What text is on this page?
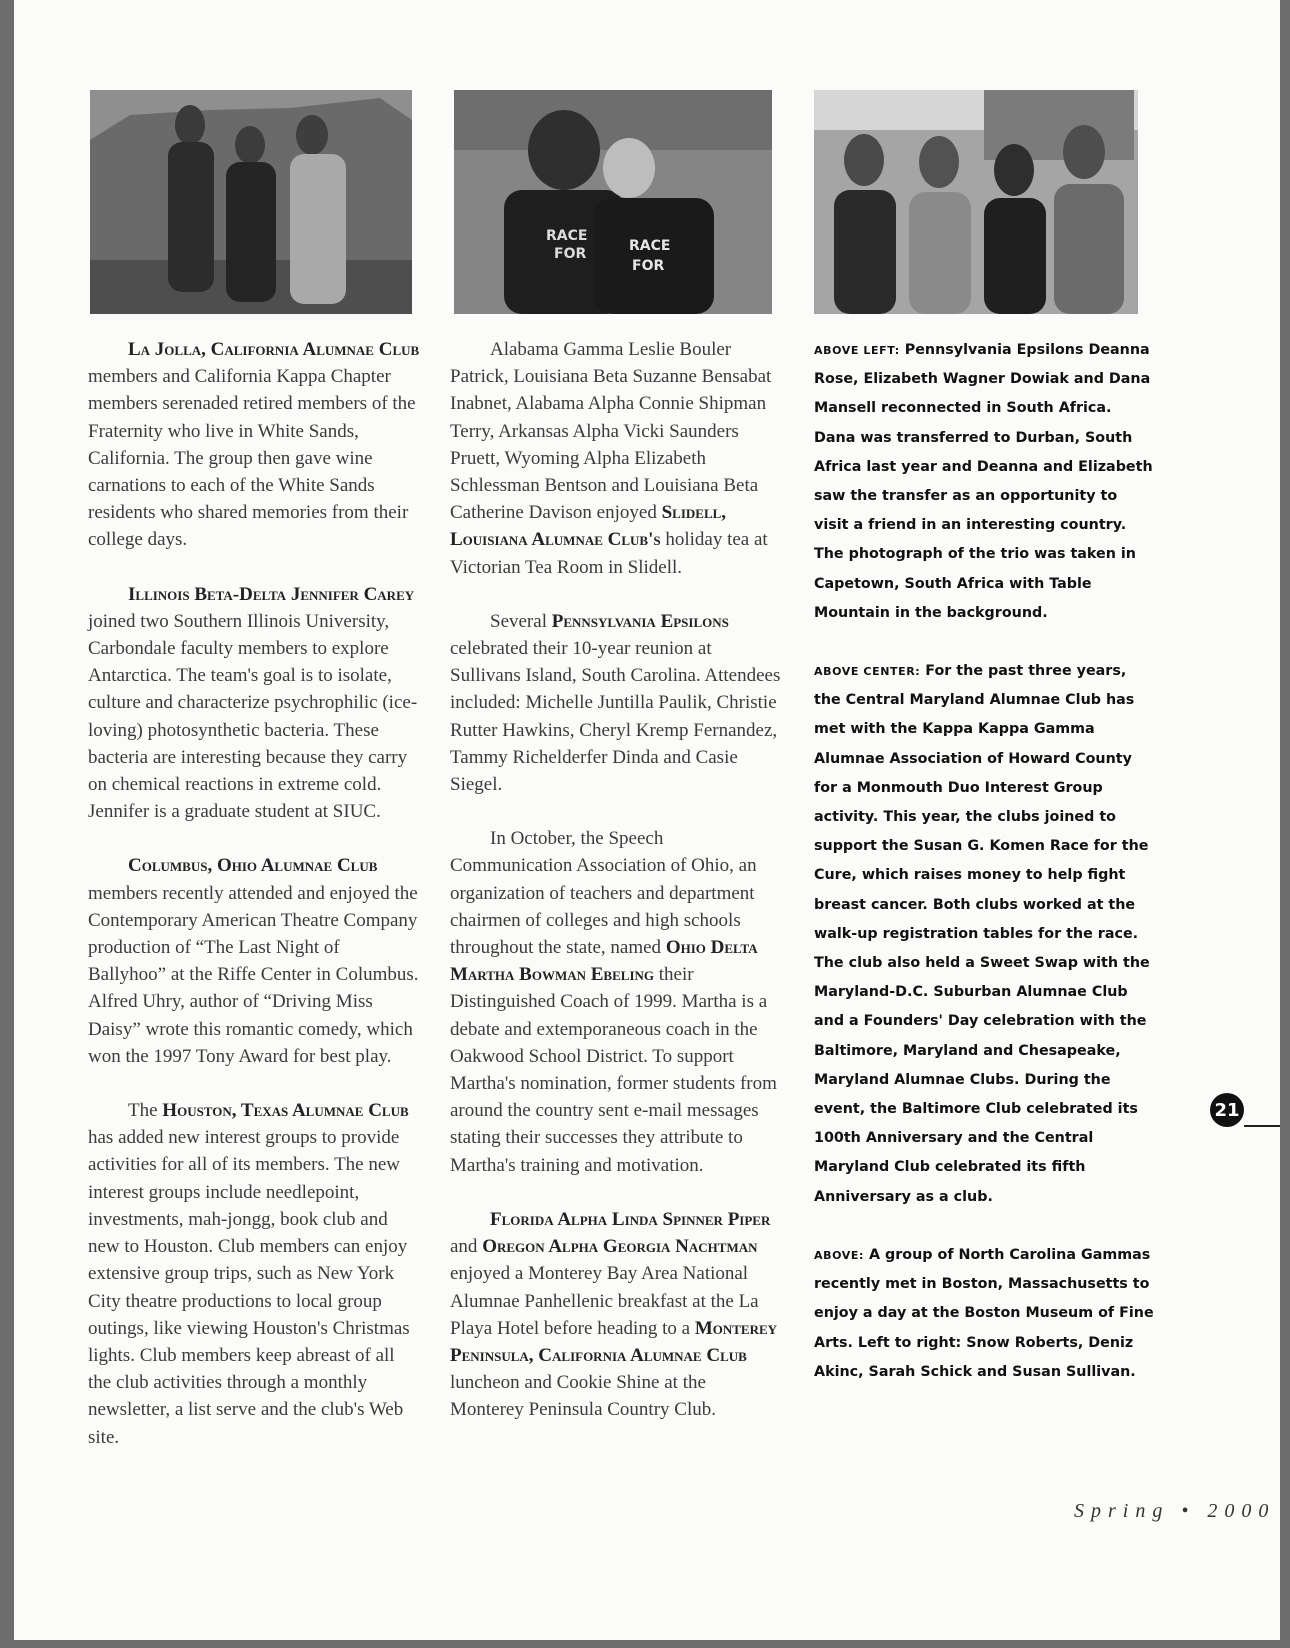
RACE
FOR	RACE
FOR

La Jolla, California Alumnae Club members and California Kappa Chapter members serenaded retired members of the Fraternity who live in White Sands, California. The group then gave wine carnations to each of the White Sands residents who shared memories from their college days.

Illinois Beta-Delta Jennifer Carey joined two Southern Illinois University, Carbondale faculty members to explore Antarctica. The team's goal is to isolate, culture and characterize psychrophilic (ice-loving) photosynthetic bacteria. These bacteria are interesting because they carry on chemical reactions in extreme cold. Jennifer is a graduate student at SIUC.

Columbus, Ohio Alumnae Club members recently attended and enjoyed the Contemporary American Theatre Company production of “The Last Night of Ballyhoo” at the Riffe Center in Columbus. Alfred Uhry, author of “Driving Miss Daisy” wrote this romantic comedy, which won the 1997 Tony Award for best play.

The Houston, Texas Alumnae Club has added new interest groups to provide activities for all of its members. The new interest groups include needlepoint, investments, mah-jongg, book club and new to Houston. Club members can enjoy extensive group trips, such as New York City theatre productions to local group outings, like viewing Houston's Christmas lights. Club members keep abreast of all the club activities through a monthly newsletter, a list serve and the club's Web site.

Alabama Gamma Leslie Bouler Patrick, Louisiana Beta Suzanne Bensabat Inabnet, Alabama Alpha Connie Shipman Terry, Arkansas Alpha Vicki Saunders Pruett, Wyoming Alpha Elizabeth Schlessman Bentson and Louisiana Beta Catherine Davison enjoyed Slidell, Louisiana Alumnae Club's holiday tea at Victorian Tea Room in Slidell.

Several Pennsylvania Epsilons celebrated their 10-year reunion at Sullivans Island, South Carolina. Attendees included: Michelle Juntilla Paulik, Christie Rutter Hawkins, Cheryl Kremp Fernandez, Tammy Richelderfer Dinda and Casie Siegel.

In October, the Speech Communication Association of Ohio, an organization of teachers and department chairmen of colleges and high schools throughout the state, named Ohio Delta Martha Bowman Ebeling their Distinguished Coach of 1999. Martha is a debate and extemporaneous coach in the Oakwood School District. To support Martha's nomination, former students from around the country sent e-mail messages stating their successes they attribute to Martha's training and motivation.

Florida Alpha Linda Spinner Piper and Oregon Alpha Georgia Nachtman enjoyed a Monterey Bay Area National Alumnae Panhellenic breakfast at the La Playa Hotel before heading to a Monterey Peninsula, California Alumnae Club luncheon and Cookie Shine at the Monterey Peninsula Country Club.

ABOVE LEFT: Pennsylvania Epsilons Deanna Rose, Elizabeth Wagner Dowiak and Dana Mansell reconnected in South Africa. Dana was transferred to Durban, South Africa last year and Deanna and Elizabeth saw the transfer as an opportunity to visit a friend in an interesting country. The photograph of the trio was taken in Capetown, South Africa with Table Mountain in the background.

ABOVE CENTER: For the past three years, the Central Maryland Alumnae Club has met with the Kappa Kappa Gamma Alumnae Association of Howard County for a Monmouth Duo Interest Group activity. This year, the clubs joined to support the Susan G. Komen Race for the Cure, which raises money to help fight breast cancer. Both clubs worked at the walk-up registration tables for the race. The club also held a Sweet Swap with the Maryland-D.C. Suburban Alumnae Club and a Founders' Day celebration with the Baltimore, Maryland and Chesapeake, Maryland Alumnae Clubs. During the event, the Baltimore Club celebrated its 100th Anniversary and the Central Maryland Club celebrated its fifth Anniversary as a club.

ABOVE: A group of North Carolina Gammas recently met in Boston, Massachusetts to enjoy a day at the Boston Museum of Fine Arts. Left to right: Snow Roberts, Deniz Akinc, Sarah Schick and Susan Sullivan.

21
Spring • 2000
